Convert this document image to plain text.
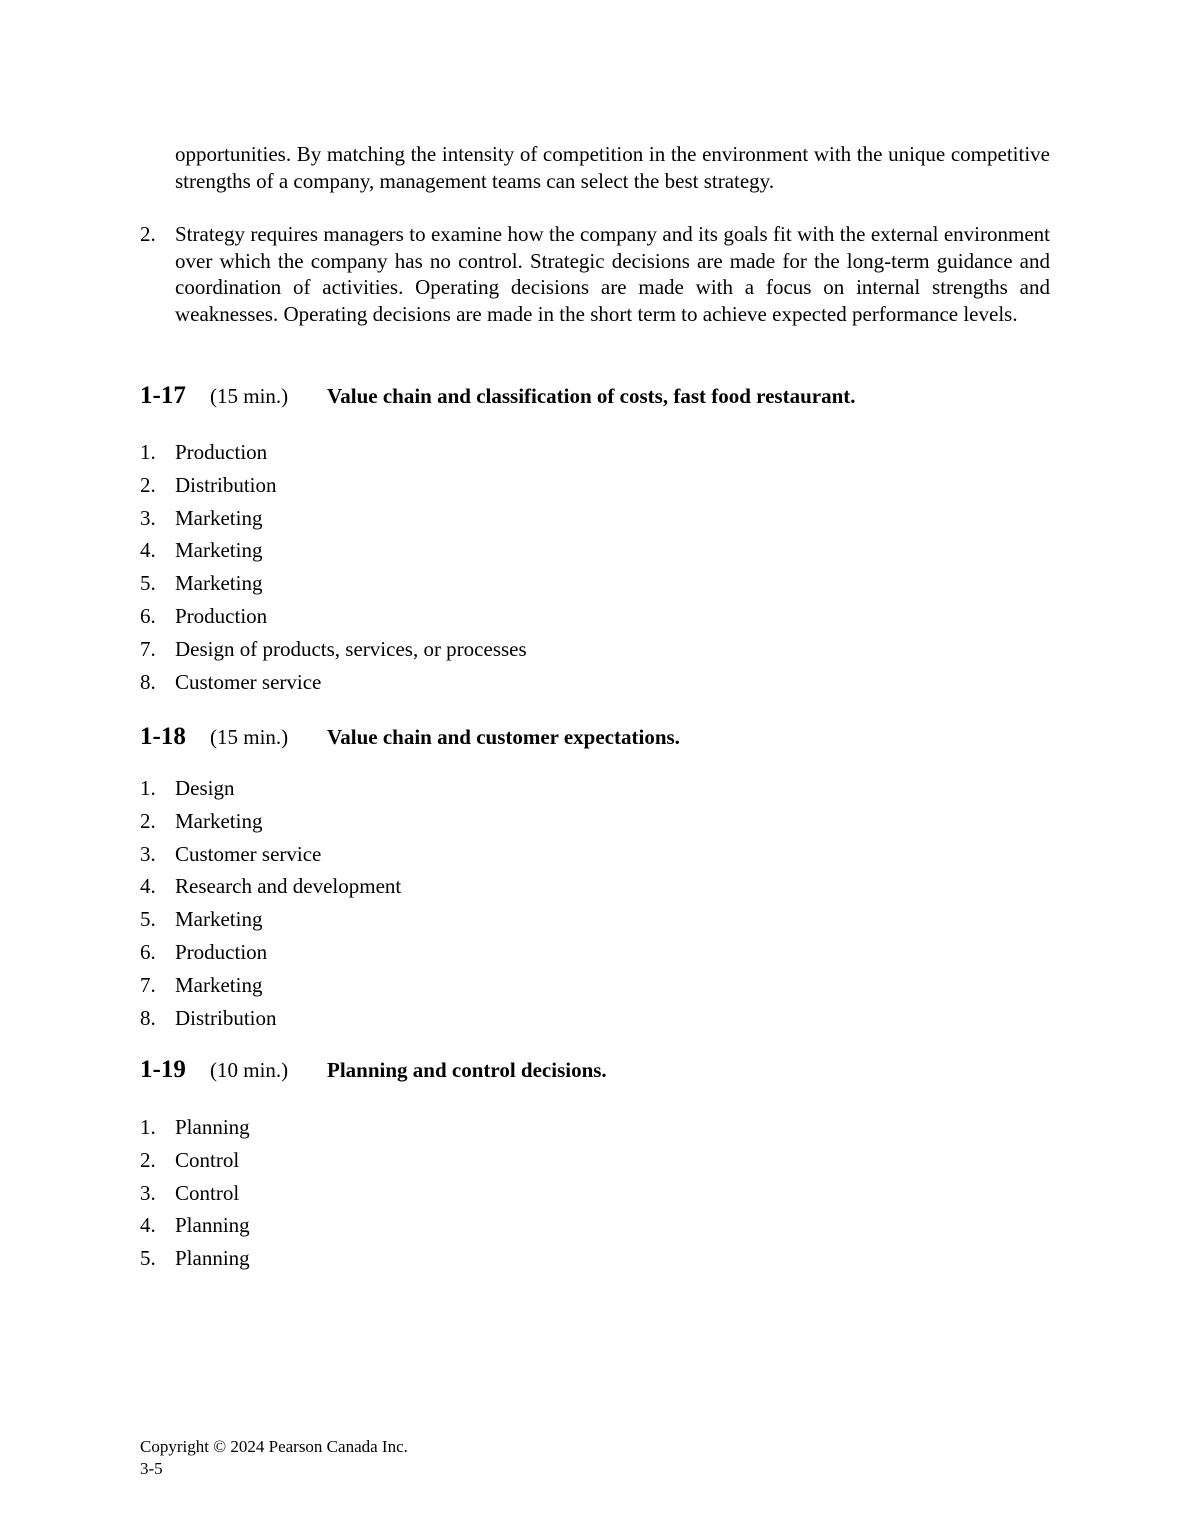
opportunities. By matching the intensity of competition in the environment with the unique competitive strengths of a company, management teams can select the best strategy.
2. Strategy requires managers to examine how the company and its goals fit with the external environment over which the company has no control. Strategic decisions are made for the long-term guidance and coordination of activities. Operating decisions are made with a focus on internal strengths and weaknesses. Operating decisions are made in the short term to achieve expected performance levels.
1-17 (15 min.) Value chain and classification of costs, fast food restaurant.
1. Production
2. Distribution
3. Marketing
4. Marketing
5. Marketing
6. Production
7. Design of products, services, or processes
8. Customer service
1-18 (15 min.) Value chain and customer expectations.
1. Design
2. Marketing
3. Customer service
4. Research and development
5. Marketing
6. Production
7. Marketing
8. Distribution
1-19 (10 min.) Planning and control decisions.
1. Planning
2. Control
3. Control
4. Planning
5. Planning
Copyright © 2024 Pearson Canada Inc.
3-5
